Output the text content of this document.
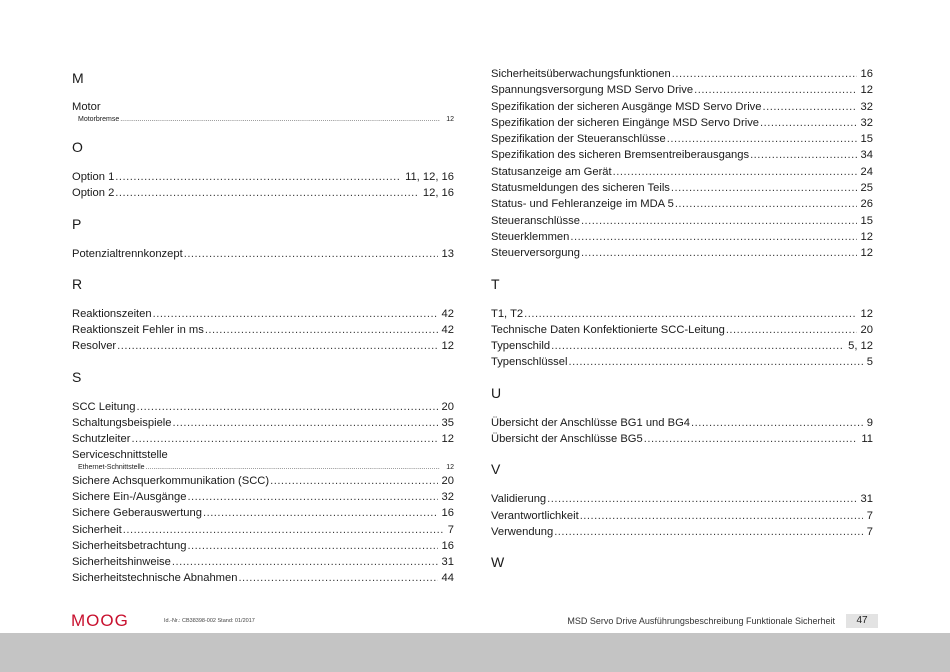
M
Motor
Motorbremse .....	12
O
Option 1 .....	11, 12, 16
Option 2 .....	12, 16
P
Potenzialtrennkonzept .....	13
R
Reaktionszeiten .....	42
Reaktionszeit Fehler in ms .....	42
Resolver .....	12
S
SCC Leitung .....	20
Schaltungsbeispiele .....	35
Schutzleiter .....	12
Serviceschnittstelle
Ethernet-Schnittstelle .....	12
Sichere Achsquerkommunikation (SCC) .....	20
Sichere Ein-/Ausgänge .....	32
Sichere Geberauswertung .....	16
Sicherheit .....	7
Sicherheitsbetrachtung .....	16
Sicherheitshinweise .....	31
Sicherheitstechnische Abnahmen .....	44
Sicherheitsüberwachungsfunktionen .....	16
Spannungsversorgung MSD Servo Drive .....	12
Spezifikation der sicheren Ausgänge MSD Servo Drive .....	32
Spezifikation der sicheren Eingänge MSD Servo Drive .....	32
Spezifikation der Steueranschlüsse .....	15
Spezifikation des sicheren Bremsentreiberausgangs .....	34
Statusanzeige am Gerät .....	24
Statusmeldungen des sicheren Teils .....	25
Status- und Fehleranzeige im MDA 5 .....	26
Steueranschlüsse .....	15
Steuerklemmen .....	12
Steuerversorgung .....	12
T
T1, T2 .....	12
Technische Daten Konfektionierte SCC-Leitung .....	20
Typenschild .....	5, 12
Typenschlüssel .....	5
U
Übersicht der Anschlüsse BG1 und BG4 .....	9
Übersicht der Anschlüsse BG5 .....	11
V
Validierung .....	31
Verantwortlichkeit .....	7
Verwendung .....	7
W
MOOG	Id.-Nr.: CB38398-002 Stand: 01/2017	MSD Servo Drive Ausführungsbeschreibung Funktionale Sicherheit	47
